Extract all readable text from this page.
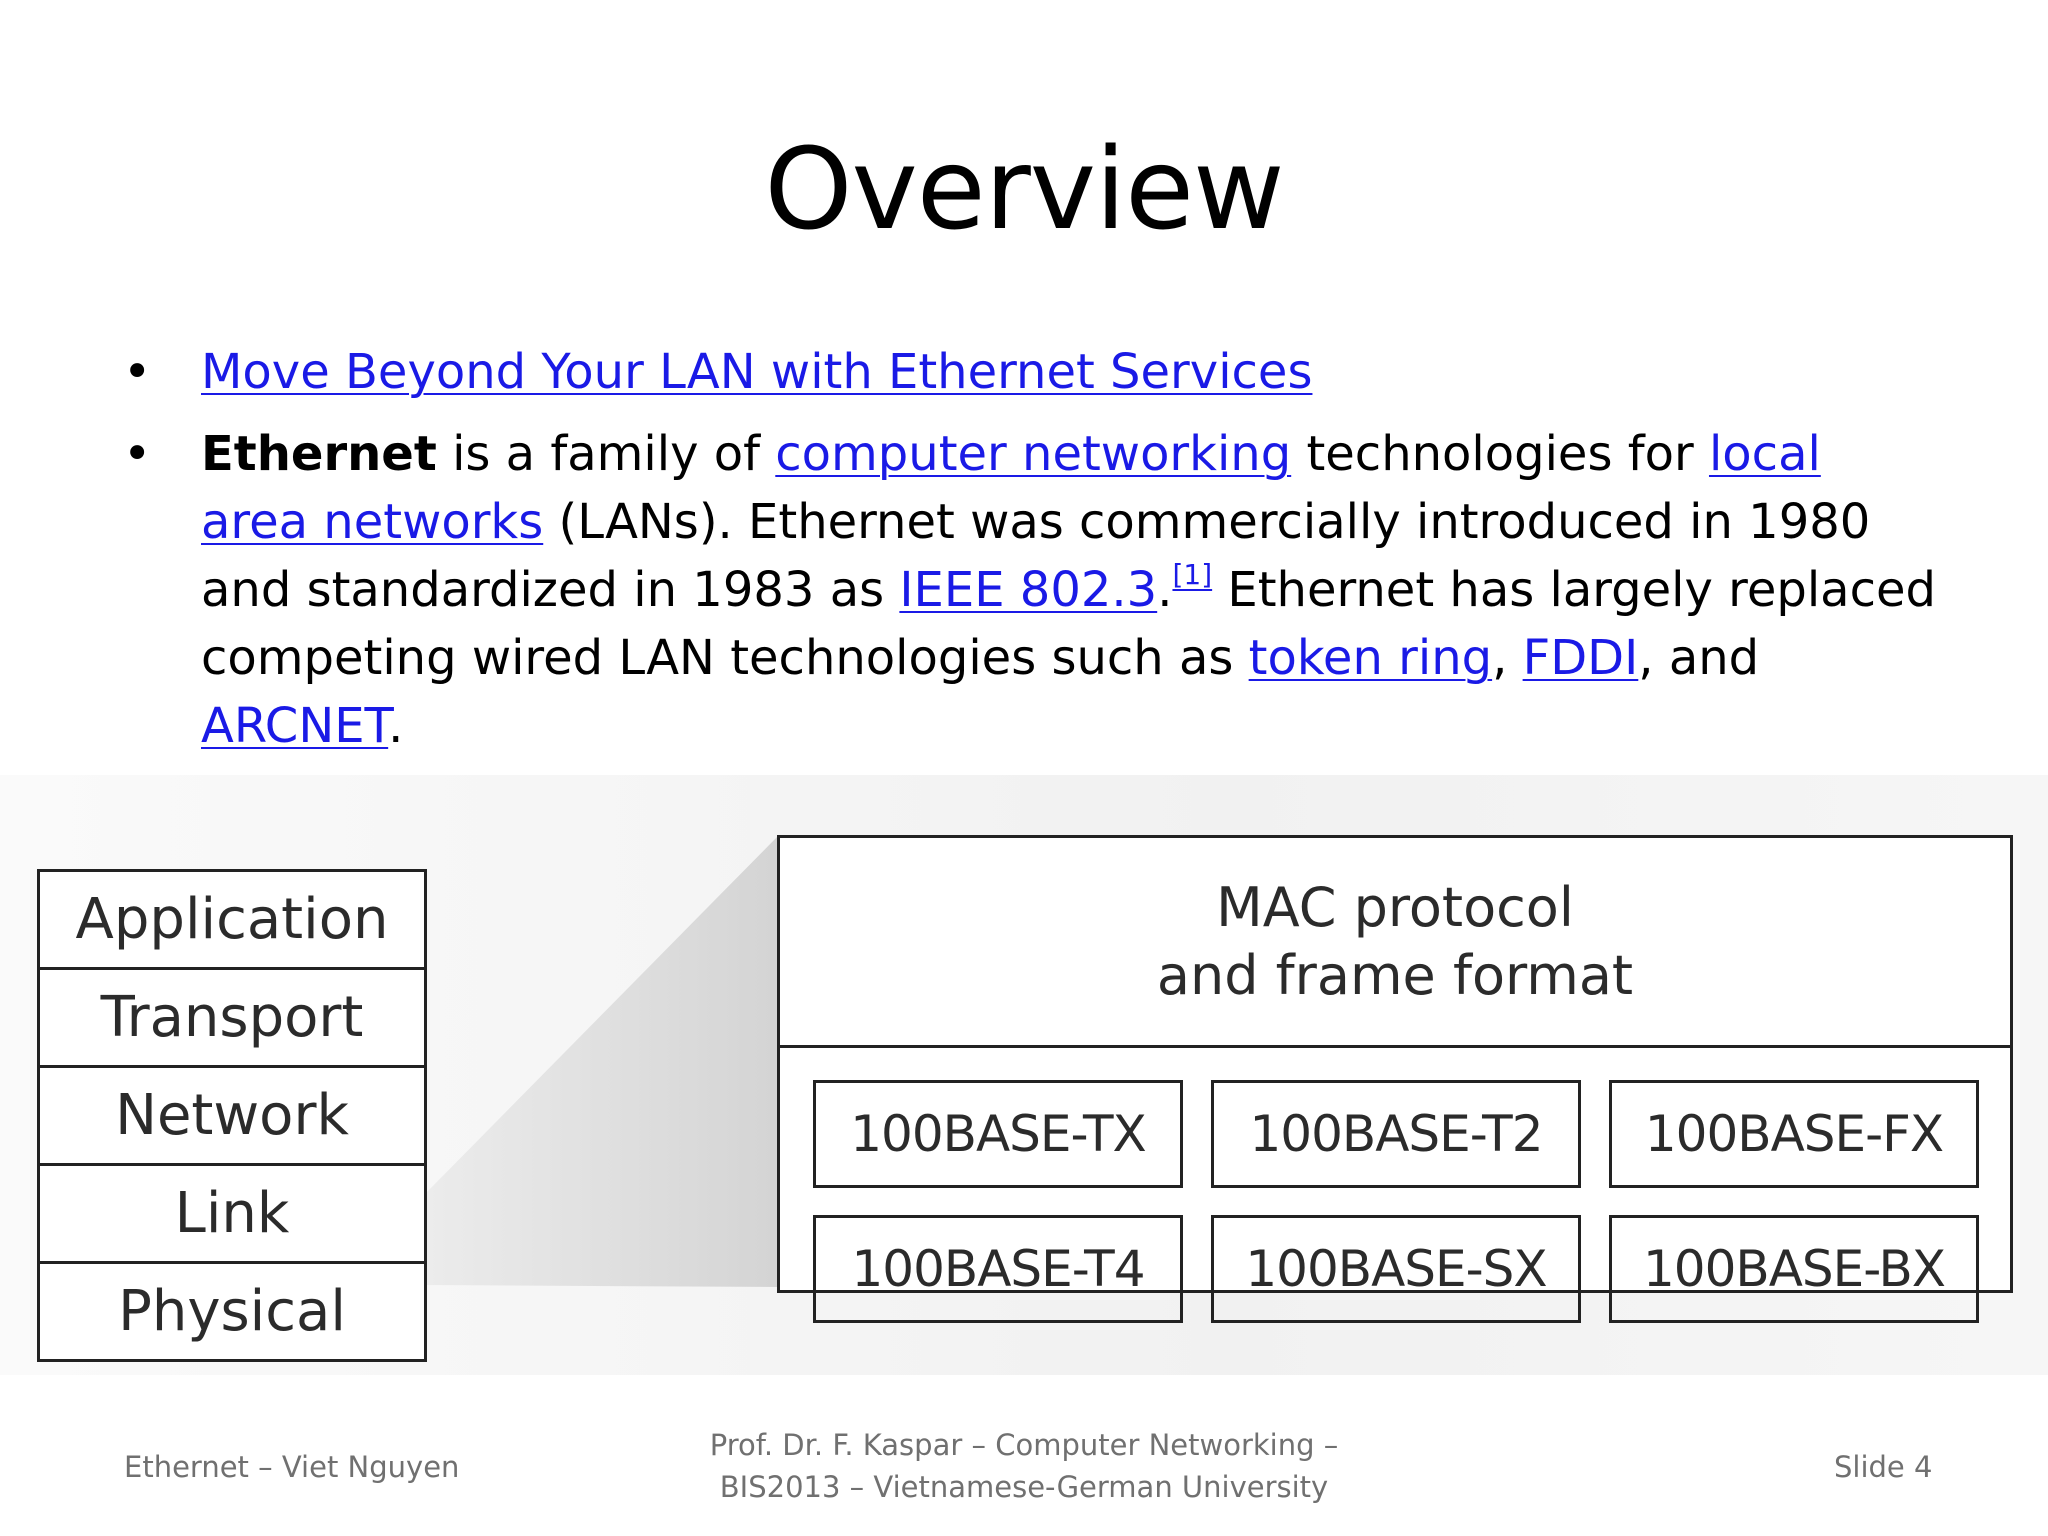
Overview
• Move Beyond Your LAN with Ethernet Services
• Ethernet is a family of computer networking technologies for local area networks (LANs). Ethernet was commercially introduced in 1980 and standardized in 1983 as IEEE 802.3.[1] Ethernet has largely replaced competing wired LAN technologies such as token ring, FDDI, and ARCNET.
Application
Transport
Network
Link
Physical
MAC protocol
and frame format
100BASE-TX	100BASE-T2	100BASE-FX
100BASE-T4	100BASE-SX	100BASE-BX
Ethernet – Viet Nguyen
Prof. Dr. F. Kaspar – Computer Networking –
BIS2013 – Vietnamese-German University
Slide 4
